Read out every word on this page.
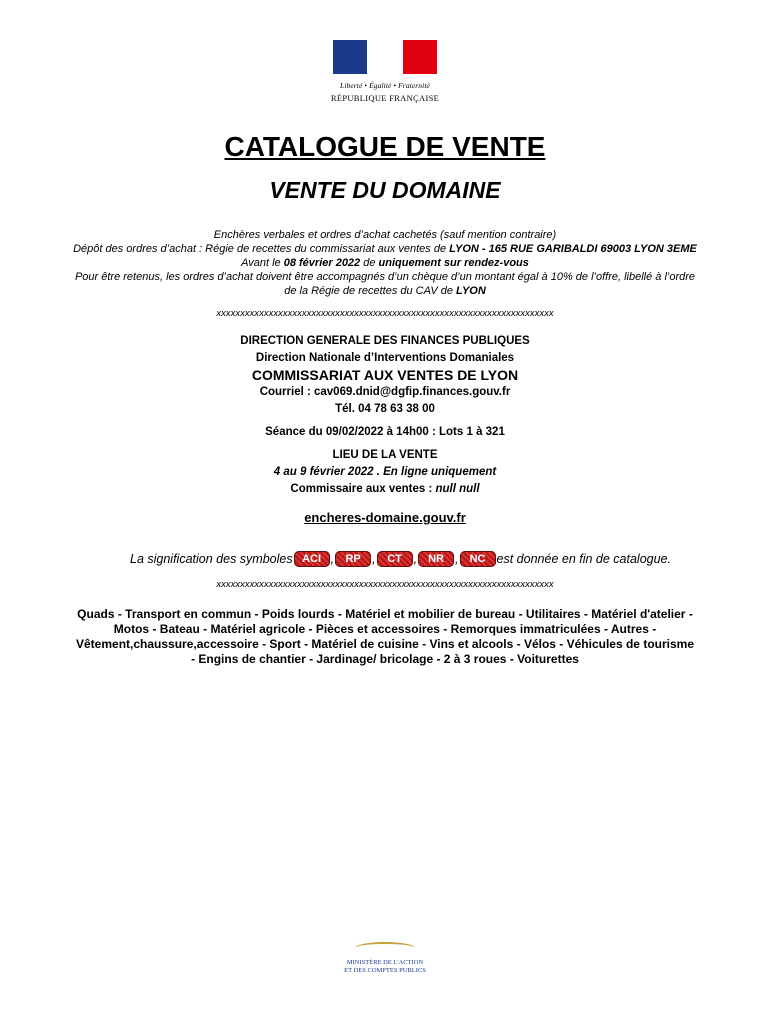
Liberté • Égalité • Fraternité
RÉPUBLIQUE FRANÇAISE
CATALOGUE DE VENTE
VENTE DU DOMAINE
Enchères verbales et ordres d’achat cachetés (sauf mention contraire)
Dépôt des ordres d’achat : Régie de recettes du commissariat aux ventes de LYON - 165 RUE GARIBALDI 69003 LYON 3EME
Avant le 08 février 2022 de uniquement sur rendez-vous
Pour être retenus, les ordres d’achat doivent être accompagnés d’un chèque d’un montant égal à 10% de l’offre, libellé à l’ordre
de la Régie de recettes du CAV de LYON
xxxxxxxxxxxxxxxxxxxxxxxxxxxxxxxxxxxxxxxxxxxxxxxxxxxxxxxxxxxxxxxxxxxxxxx
DIRECTION GENERALE DES FINANCES PUBLIQUES
Direction Nationale d’Interventions Domaniales
COMMISSARIAT AUX VENTES DE LYON
Courriel : cav069.dnid@dgfip.finances.gouv.fr
Tél. 04 78 63 38 00
Séance du 09/02/2022 à 14h00 : Lots 1 à 321
LIEU DE LA VENTE
4 au 9 février 2022 . En ligne uniquement
Commissaire aux ventes : null null
encheres-domaine.gouv.fr
La signification des symboles ACI ,	RP ,	CT ,	NR ,	NC est donnée en fin de catalogue.
xxxxxxxxxxxxxxxxxxxxxxxxxxxxxxxxxxxxxxxxxxxxxxxxxxxxxxxxxxxxxxxxxxxxxxx
Quads - Transport en commun - Poids lourds - Matériel et mobilier de bureau - Utilitaires - Matériel d'atelier -
Motos - Bateau - Matériel agricole - Pièces et accessoires - Remorques immatriculées - Autres -
Vêtement,chaussure,accessoire - Sport - Matériel de cuisine - Vins et alcools - Vélos - Véhicules de tourisme
- Engins de chantier - Jardinage/ bricolage - 2 à 3 roues - Voiturettes
MINISTÈRE DE L'ACTION
ET DES COMPTES PUBLICS
